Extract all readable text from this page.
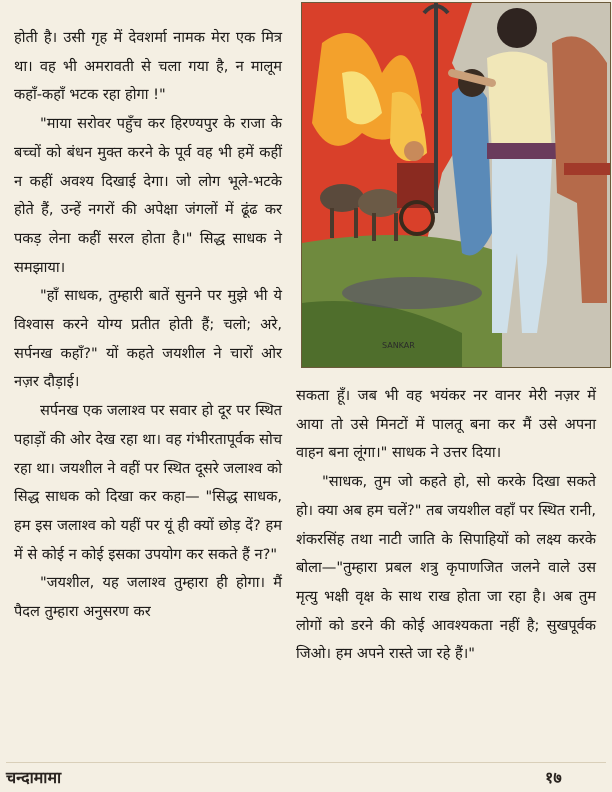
होती है। उसी गृह में देवशर्मा नामक मेरा एक मित्र था। वह भी अमरावती से चला गया है, न मालूम कहाँ-कहाँ भटक रहा होगा !"

"माया सरोवर पहुँच कर हिरण्यपुर के राजा के बच्चों को बंधन मुक्त करने के पूर्व वह भी हमें कहीं न कहीं अवश्य दिखाई देगा। जो लोग भूले-भटके होते हैं, उन्हें नगरों की अपेक्षा जंगलों में ढूंढ कर पकड़ लेना कहीं सरल होता है।" सिद्ध साधक ने समझाया।

"हाँ साधक, तुम्हारी बातें सुनने पर मुझे भी ये विश्वास करने योग्य प्रतीत होती हैं; चलो; अरे, सर्पनख कहाँ?" यों कहते जयशील ने चारों ओर नज़र दौड़ाई।

सर्पनख एक जलाश्व पर सवार हो दूर पर स्थित पहाड़ों की ओर देख रहा था। वह गंभीरतापूर्वक सोच रहा था। जयशील ने वहीं पर स्थित दूसरे जलाश्व को सिद्ध साधक को दिखा कर कहा— "सिद्ध साधक, हम इस जलाश्व को यहीं पर यूं ही क्यों छोड़ दें? हम में से कोई न कोई इसका उपयोग कर सकते हैं न?"

"जयशील, यह जलाश्व तुम्हारा ही होगा। मैं पैदल तुम्हारा अनुसरण कर

SANKAR

सकता हूँ। जब भी वह भयंकर नर वानर मेरी नज़र में आया तो उसे मिनटों में पालतू बना कर मैं उसे अपना वाहन बना लूंगा।" साधक ने उत्तर दिया।

"साधक, तुम जो कहते हो, सो करके दिखा सकते हो। क्या अब हम चलें?" तब जयशील वहाँ पर स्थित रानी, शंकरसिंह तथा नाटी जाति के सिपाहियों को लक्ष्य करके बोला—"तुम्हारा प्रबल शत्रु कृपाणजित जलने वाले उस मृत्यु भक्षी वृक्ष के साथ राख होता जा रहा है। अब तुम लोगों को डरने की कोई आवश्यकता नहीं है; सुखपूर्वक जिओ। हम अपने रास्ते जा रहे हैं।"

चन्दामामा	१७
